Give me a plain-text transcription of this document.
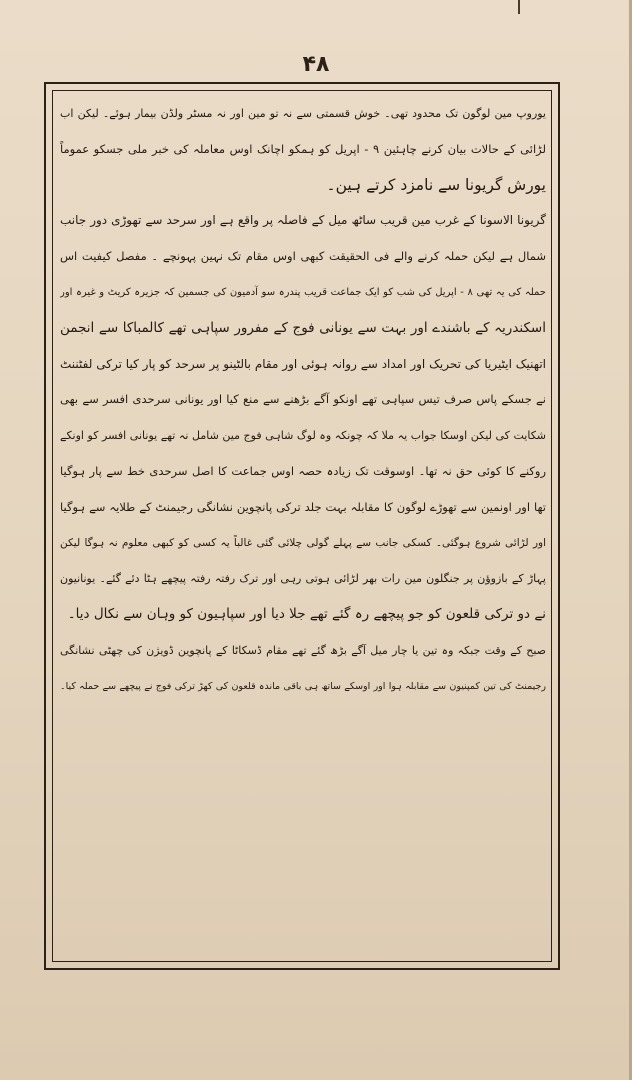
۴۸
یوروپ مین لوگون تک محدود تھی۔ خوش قسمتی سے نہ تو مین اور نہ مسٹر ولڈن بیمار ہوئے۔ لیکن اب
لڑائی کے حالات بیان کرنے چاہئین ۹ - اپریل کو ہمکو اچانک اوس معاملہ کی خبر ملی جسکو عموماً
یورش گریونا سے نامزد کرتے ہین۔
گریونا الاسونا کے غرب مین قریب ساٹھ میل کے فاصلہ پر واقع ہے اور سرحد سے تھوڑی دور جانب
شمال ہے لیکن حملہ کرنے والے فی الحقیقت کبھی اوس مقام تک نہین پہونچے ۔ مفصل کیفیت اس
حملہ کی یہ تھی ۸ - اپریل کی شب کو ایک جماعت قریب پندرہ سو آدمیون کی جسمین کہ جزیرہ کریٹ و غیرہ اور
اسکندریہ کے باشندے اور بہت سے یونانی فوج کے مفرور سپاہی تھے کالمباکا سے انجمن
اتھنیک ایٹیریا کی تحریک اور امداد سے روانہ ہوئی اور مقام بالٹینو پر سرحد کو پار کیا ترکی لفٹننٹ
نے جسکے پاس صرف تیس سپاہی تھے اونکو آگے بڑھنے سے منع کیا اور یونانی سرحدی افسر سے بھی
شکایت کی لیکن اوسکا جواب یہ ملا کہ چونکہ وہ لوگ شاہی فوج مین شامل نہ تھے یونانی افسر کو اونکے
روکنے کا کوئی حق نہ تھا۔ اوسوقت تک زیادہ حصہ اوس جماعت کا اصل سرحدی خط سے پار ہوگیا
تھا اور اونمین سے تھوڑے لوگون کا مقابلہ بہت جلد ترکی پانچوین نشانگی رجیمنٹ کے طلایہ سے ہوگیا
اور لڑائی شروع ہوگئی۔ کسکی جانب سے پہلے گولی چلائی گئی غالباً یہ کسی کو کبھی معلوم نہ ہوگا لیکن
پہاڑ کے بازوؤن پر جنگلون مین رات بھر لڑائی ہوتی رہی اور ترک رفتہ رفتہ پیچھے ہٹا دئے گئے۔ یونانیون
نے دو ترکی قلعون کو جو پیچھے رہ گئے تھے جلا دیا اور سپاہیون کو وہان سے نکال دیا۔
صبح کے وقت جبکہ وہ تین یا چار میل آگے بڑھ گئے تھے مقام ڈسکاٹا کے پانچوین ڈویژن کی چھٹی نشانگی
رجیمنٹ کی تین کمپنیون سے مقابلہ ہوا اور اوسکے ساتھ ہی باقی ماندہ قلعون کی کھڑ ترکی فوج نے پیچھے سے حملہ کیا۔
